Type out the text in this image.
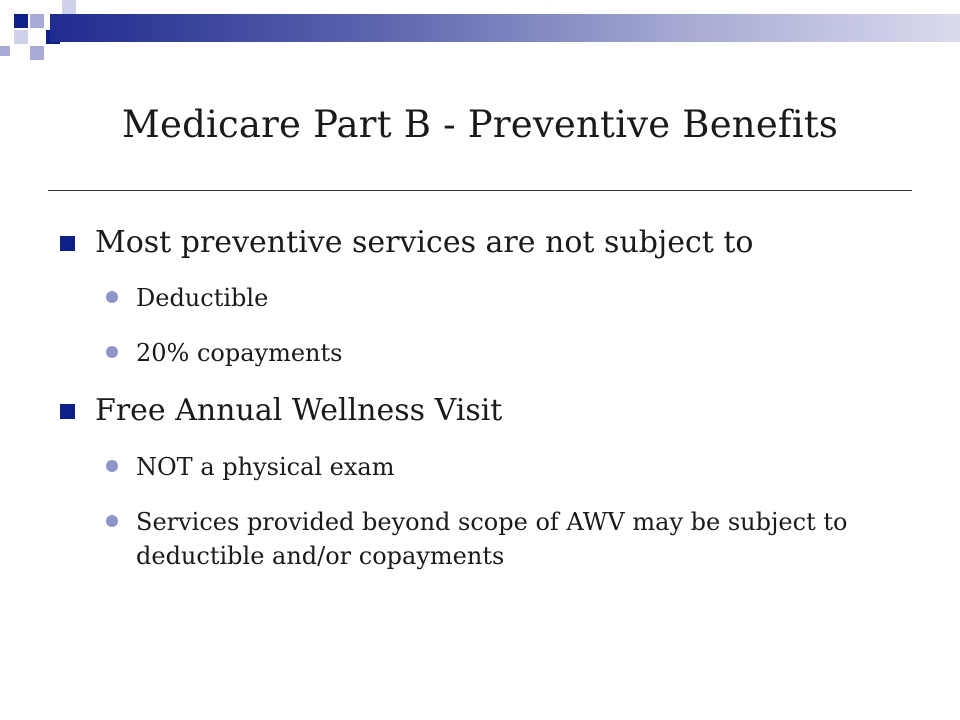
Medicare Part B - Preventive Benefits
Most preventive services are not subject to
Deductible
20% copayments
Free Annual Wellness Visit
NOT a physical exam
Services provided beyond scope of AWV may be subject to deductible and/or copayments
